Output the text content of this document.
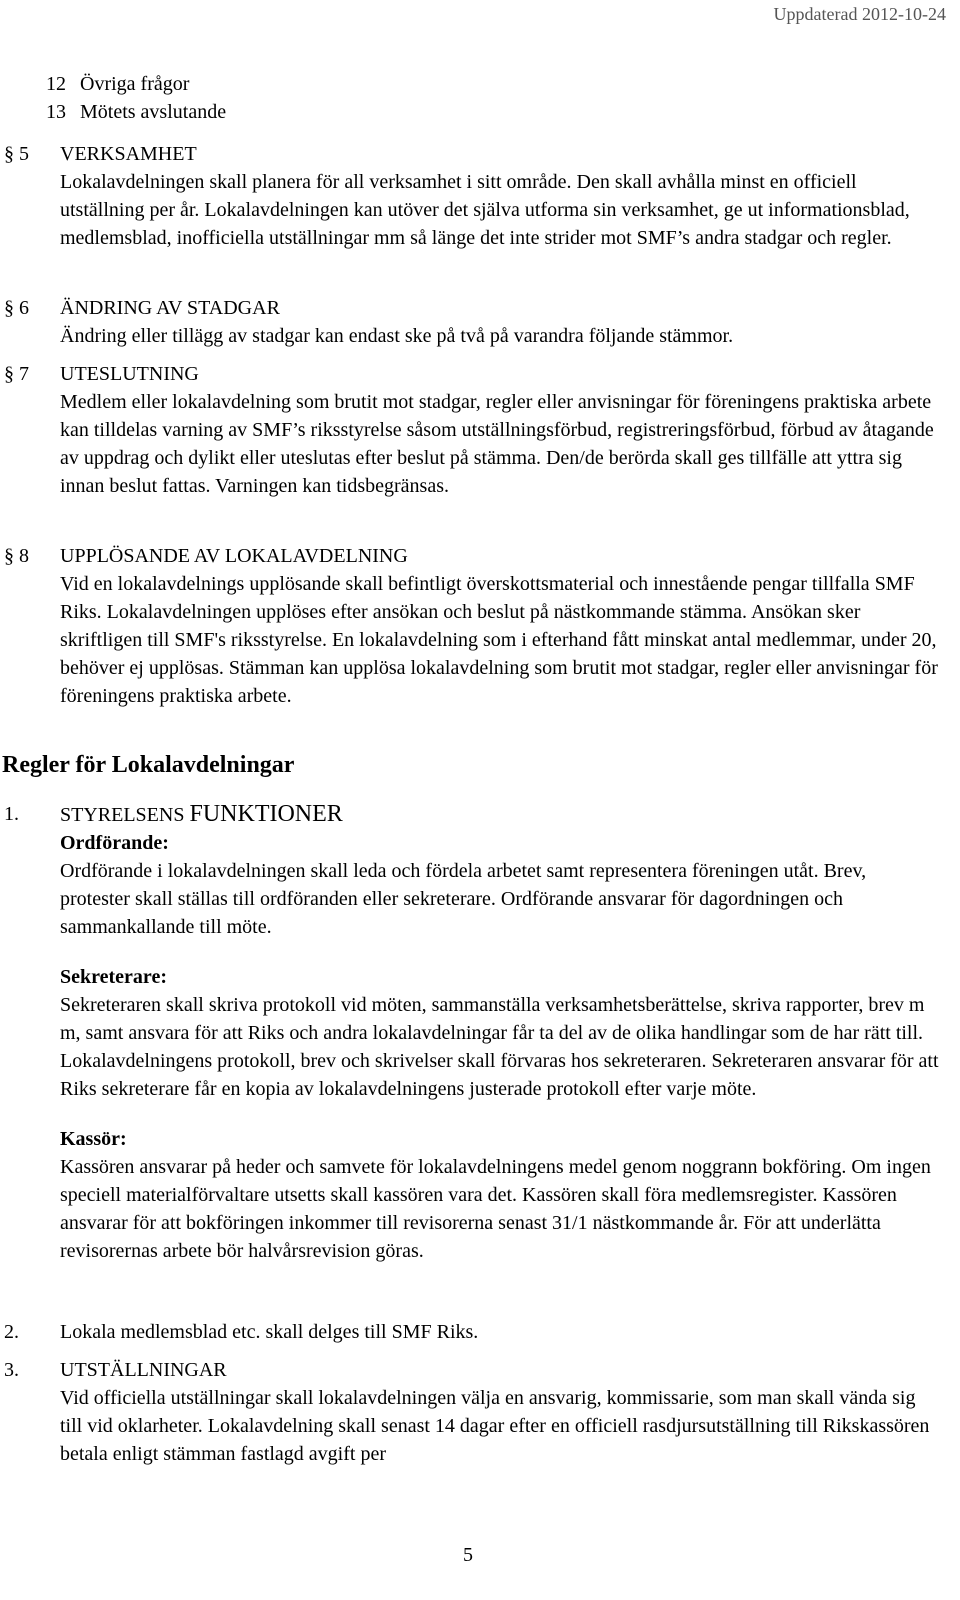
Uppdaterad 2012-10-24
12 Övriga frågor
13 Mötets avslutande
§ 5	VERKSAMHET
Lokalavdelningen skall planera för all verksamhet i sitt område. Den skall avhålla minst en officiell utställning per år. Lokalavdelningen kan utöver det själva utforma sin verksamhet, ge ut informationsblad, medlemsblad, inofficiella utställningar mm så länge det inte strider mot SMF’s andra stadgar och regler.
§ 6	ÄNDRING AV STADGAR
Ändring eller tillägg av stadgar kan endast ske på två på varandra följande stämmor.
§ 7	UTESLUTNING
Medlem eller lokalavdelning som brutit mot stadgar, regler eller anvisningar för föreningens praktiska arbete kan tilldelas varning av SMF’s riksstyrelse såsom utställningsförbud, registreringsförbud, förbud av åtagande av uppdrag och dylikt eller uteslutas efter beslut på stämma. Den/de berörda skall ges tillfälle att yttra sig innan beslut fattas. Varningen kan tidsbegränsas.
§ 8	UPPLÖSANDE AV LOKALAVDELNING
Vid en lokalavdelnings upplösande skall befintligt överskottsmaterial och innestående pengar tillfalla SMF Riks. Lokalavdelningen upplöses efter ansökan och beslut på nästkommande stämma. Ansökan sker skriftligen till SMF's riksstyrelse. En lokalavdelning som i efterhand fått minskat antal medlemmar, under 20, behöver ej upplösas. Stämman kan upplösa lokalavdelning som brutit mot stadgar, regler eller anvisningar för föreningens praktiska arbete.
Regler för Lokalavdelningar
1.	STYRELSENS FUNKTIONER
Ordförande:
Ordförande i lokalavdelningen skall leda och fördela arbetet samt representera föreningen utåt. Brev, protester skall ställas till ordföranden eller sekreterare. Ordförande ansvarar för dagordningen och sammankallande till möte.
Sekreterare:
Sekreteraren skall skriva protokoll vid möten, sammanställa verksamhetsberättelse, skriva rapporter, brev m m, samt ansvara för att Riks och andra lokalavdelningar får ta del av de olika handlingar som de har rätt till. Lokalavdelningens protokoll, brev och skrivelser skall förvaras hos sekreteraren. Sekreteraren ansvarar för att Riks sekreterare får en kopia av lokalavdelningens justerade protokoll efter varje möte.
Kassör:
Kassören ansvarar på heder och samvete för lokalavdelningens medel genom noggrann bokföring. Om ingen speciell materialförvaltare utsetts skall kassören vara det. Kassören skall föra medlemsregister. Kassören ansvarar för att bokföringen inkommer till revisorerna senast 31/1 nästkommande år. För att underlätta revisorernas arbete bör halvårsrevision göras.
2.	Lokala medlemsblad etc. skall delges till SMF Riks.
3.	UTSTÄLLNINGAR
Vid officiella utställningar skall lokalavdelningen välja en ansvarig, kommissarie, som man skall vända sig till vid oklarheter. Lokalavdelning skall senast 14 dagar efter en officiell rasdjursutställning till Rikskassören betala enligt stämman fastlagd avgift per
5
